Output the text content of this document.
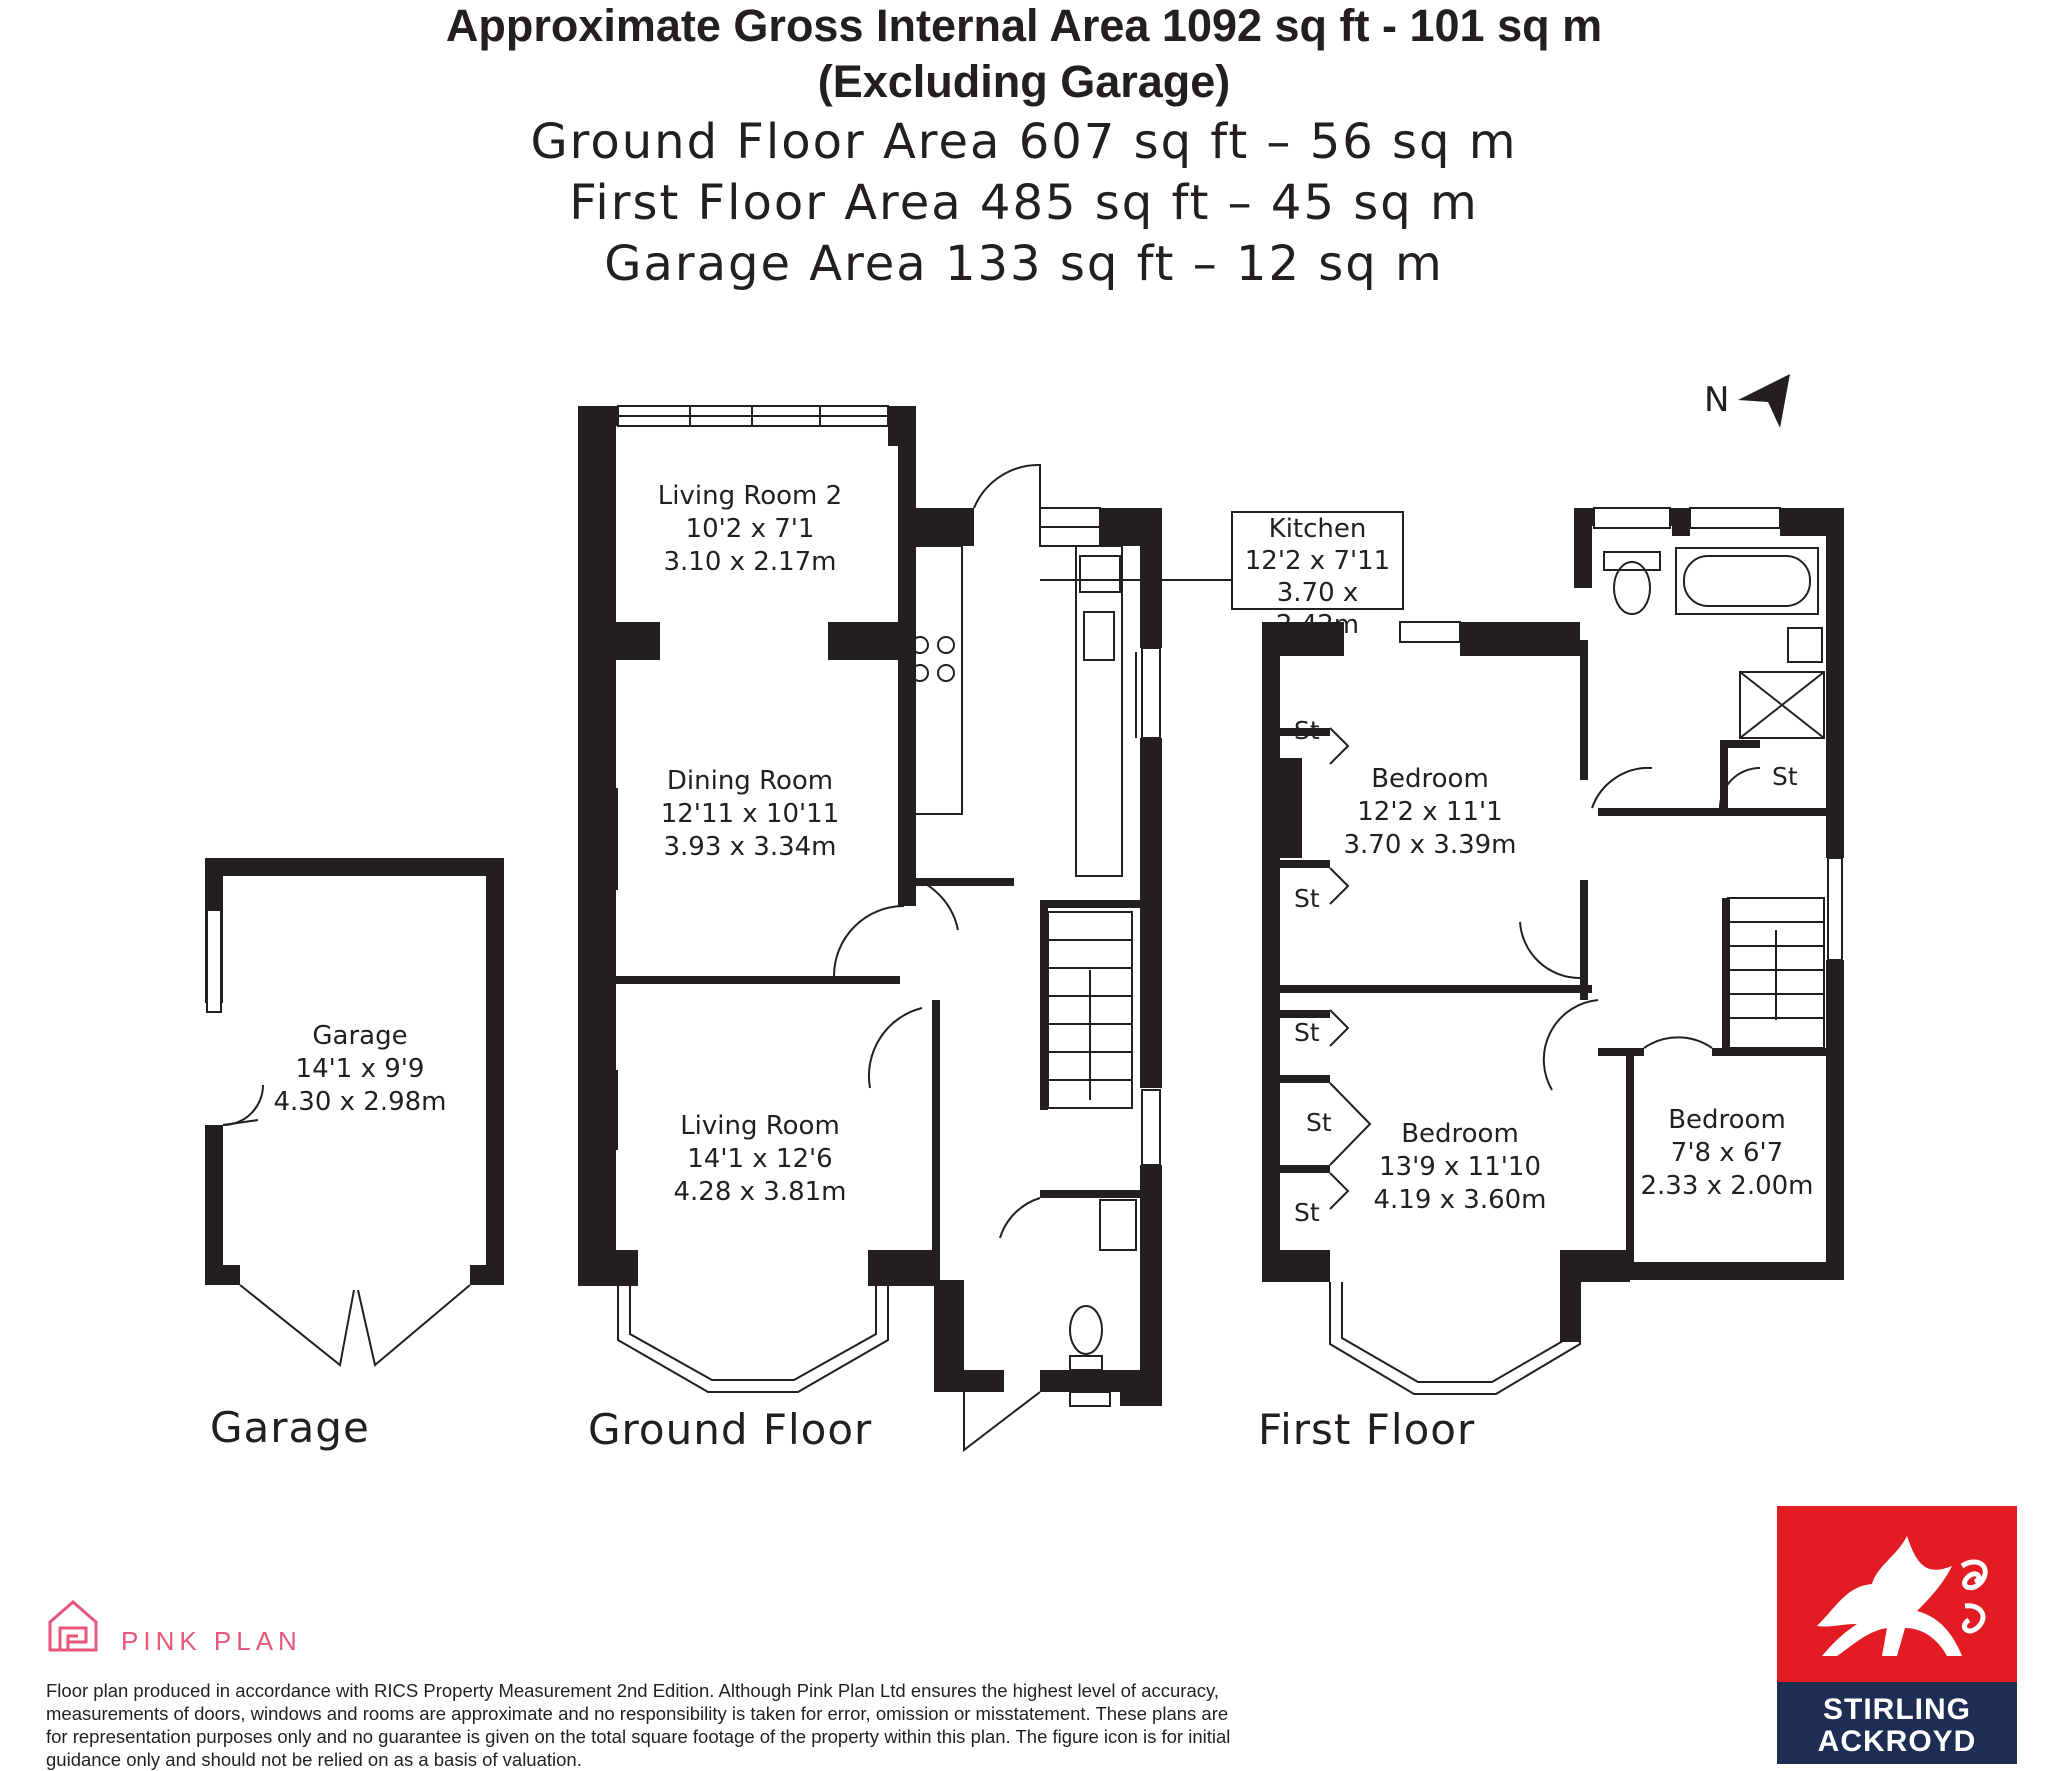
Approximate Gross Internal Area 1092 sq ft - 101 sq m
(Excluding Garage)
Ground Floor Area 607 sq ft – 56 sq m
First Floor Area 485 sq ft – 45 sq m
Garage Area 133 sq ft – 12 sq m
N
Living Room 2
10'2 x 7'1
3.10 x 2.17m
Dining Room
12'11 x 10'11
3.93 x 3.34m
Living Room
14'1 x 12'6
4.28 x 3.81m
Kitchen
12'2 x 7'11
3.70 x 2.42m
Garage
14'1 x 9'9
4.30 x 2.98m
Bedroom
12'2 x 11'1
3.70 x 3.39m
Bedroom
13'9 x 11'10
4.19 x 3.60m
Bedroom
7'8 x 6'7
2.33 x 2.00m
St
St
St
St
St
St
Garage	Ground Floor	First Floor
PINK PLAN
Floor plan produced in accordance with RICS Property Measurement 2nd Edition. Although Pink Plan Ltd ensures the highest level of accuracy, measurements of doors, windows and rooms are approximate and no responsibility is taken for error, omission or misstatement. These plans are for representation purposes only and no guarantee is given on the total square footage of the property within this plan. The figure icon is for initial guidance only and should not be relied on as a basis of valuation.
STIRLING
ACKROYD
